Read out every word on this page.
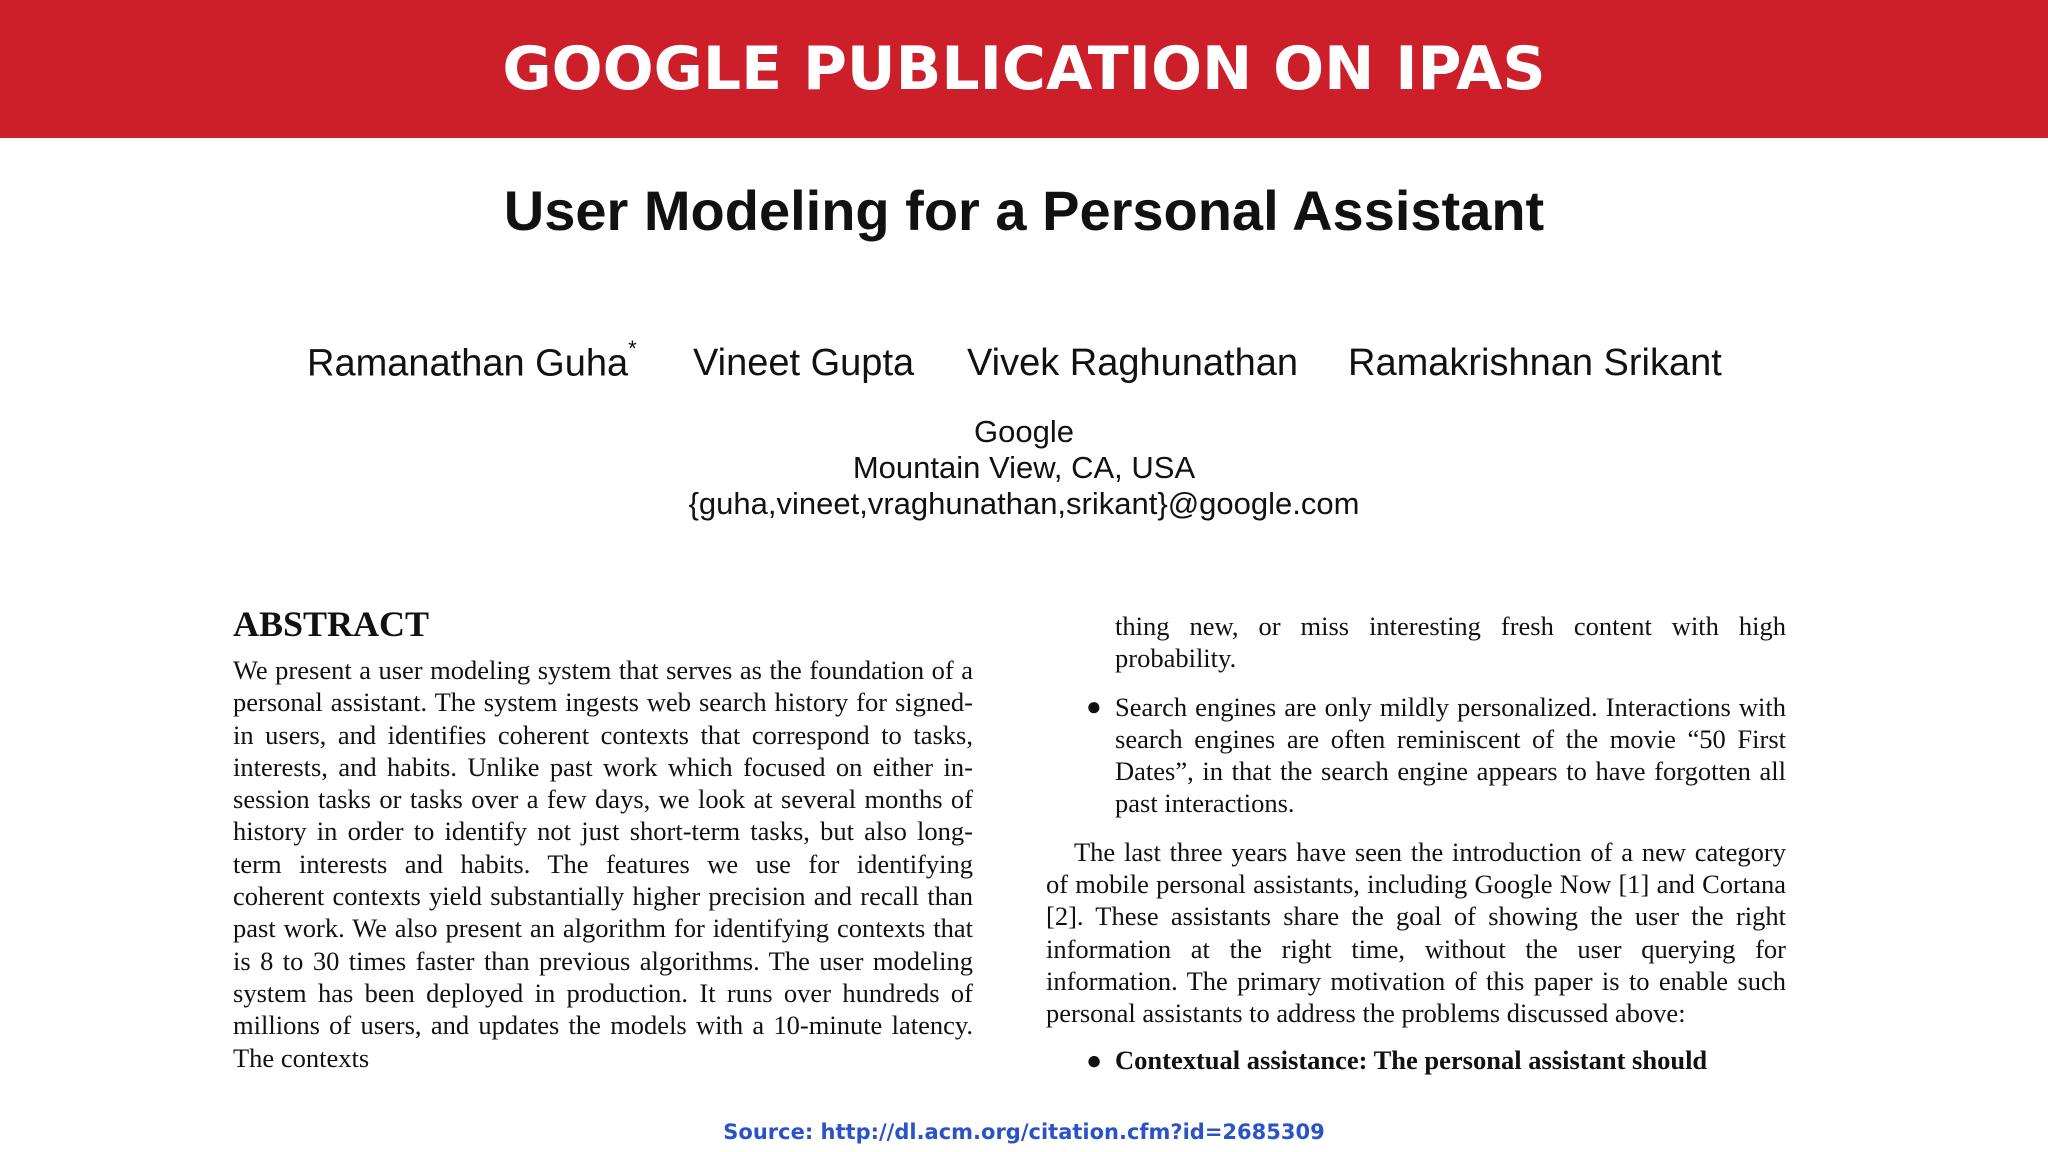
GOOGLE PUBLICATION ON IPAS
User Modeling for a Personal Assistant
Ramanathan Guha* Vineet Gupta Vivek Raghunathan Ramakrishnan Srikant
Google
Mountain View, CA, USA
{guha,vineet,vraghunathan,srikant}@google.com
ABSTRACT

We present a user modeling system that serves as the foundation of a personal assistant. The system ingests web search history for signed-in users, and identifies coherent contexts that correspond to tasks, interests, and habits. Unlike past work which focused on either in-session tasks or tasks over a few days, we look at several months of history in order to identify not just short-term tasks, but also long-term interests and habits. The features we use for identifying coherent contexts yield substantially higher precision and recall than past work. We also present an algorithm for identifying contexts that is 8 to 30 times faster than previous algorithms. The user modeling system has been deployed in production. It runs over hundreds of millions of users, and updates the models with a 10-minute latency. The contexts

thing new, or miss interesting fresh content with high probability.

● Search engines are only mildly personalized. Interactions with search engines are often reminiscent of the movie “50 First Dates”, in that the search engine appears to have forgotten all past interactions.

The last three years have seen the introduction of a new category of mobile personal assistants, including Google Now [1] and Cortana [2]. These assistants share the goal of showing the user the right information at the right time, without the user querying for information. The primary motivation of this paper is to enable such personal assistants to address the problems discussed above:

● Contextual assistance: The personal assistant should
Source: http://dl.acm.org/citation.cfm?id=2685309
